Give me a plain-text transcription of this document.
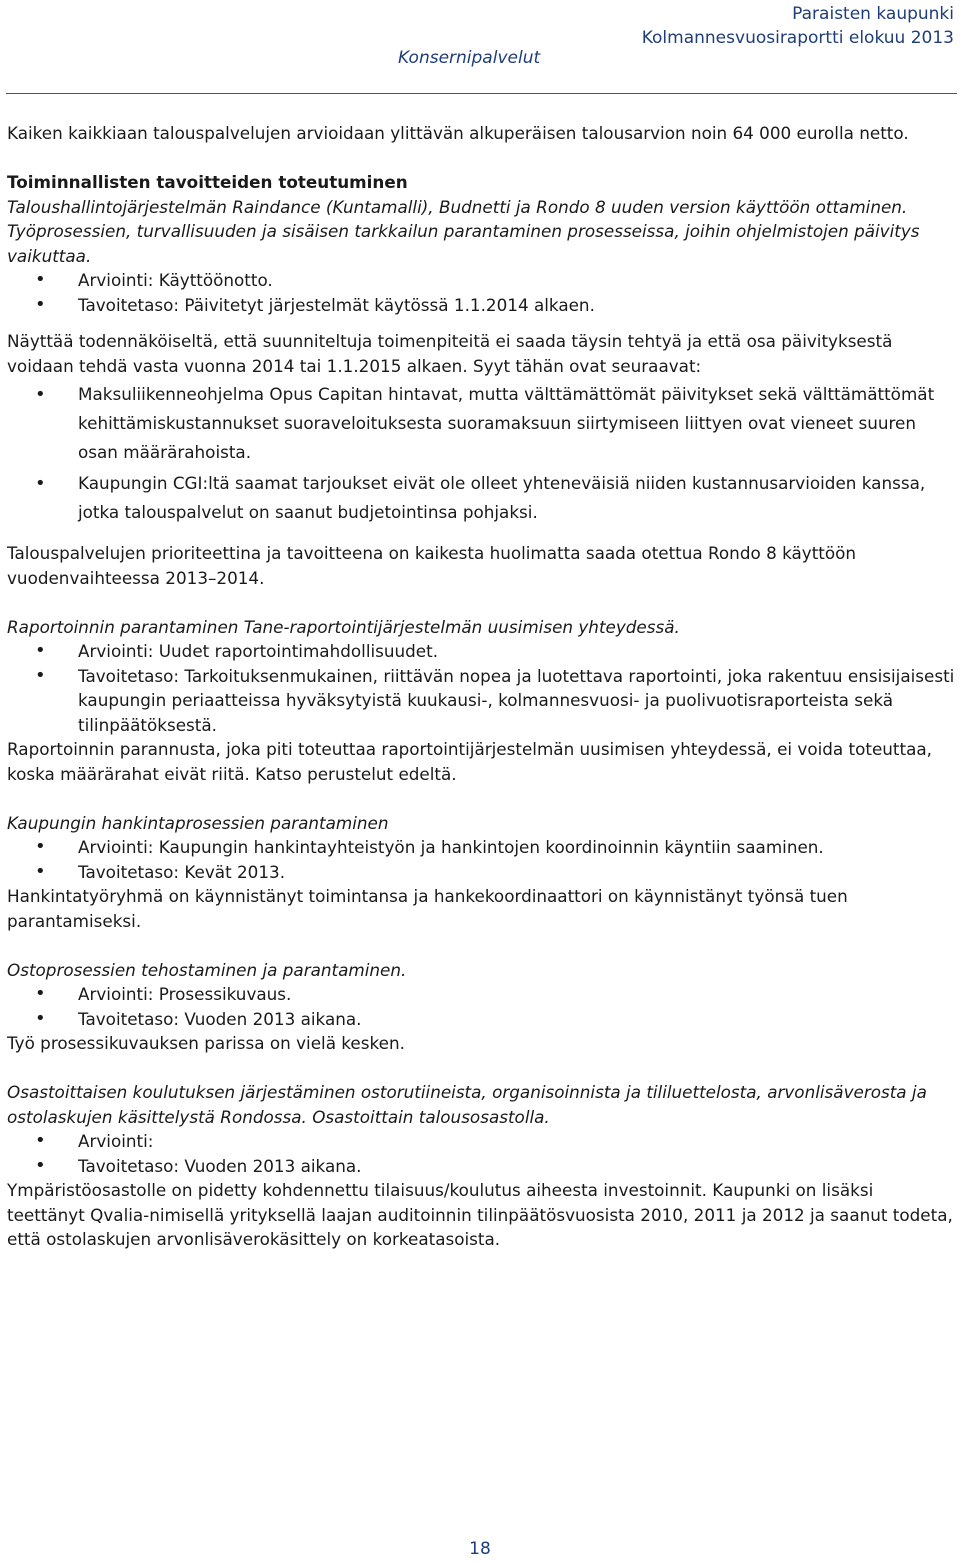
Paraisten kaupunki
Kolmannesvuosiraportti elokuu 2013
Konsernipalvelut

Kaiken kaikkiaan talouspalvelujen arvioidaan ylittävän alkuperäisen talousarvion noin 64 000 eurolla netto.

Toiminnallisten tavoitteiden toteutuminen

Taloushallintojärjestelmän Raindance (Kuntamalli), Budnetti ja Rondo 8 uuden version käyttöön ottaminen. Työprosessien, turvallisuuden ja sisäisen tarkkailun parantaminen prosesseissa, joihin ohjelmistojen päivitys vaikuttaa.

• Arviointi: Käyttöönotto.
• Tavoitetaso: Päivitetyt järjestelmät käytössä 1.1.2014 alkaen.

Näyttää todennäköiseltä, että suunniteltuja toimenpiteitä ei saada täysin tehtyä ja että osa päivityksestä voidaan tehdä vasta vuonna 2014 tai 1.1.2015 alkaen. Syyt tähän ovat seuraavat:

• Maksuliikenneohjelma Opus Capitan hintavat, mutta välttämättömät päivitykset sekä välttämättömät kehittämiskustannukset suoraveloituksesta suoramaksuun siirtymiseen liittyen ovat vieneet suuren osan määrärahoista.
• Kaupungin CGI:ltä saamat tarjoukset eivät ole olleet yhteneväisiä niiden kustannusarvioiden kanssa, jotka talouspalvelut on saanut budjetointinsa pohjaksi.

Talouspalvelujen prioriteettina ja tavoitteena on kaikesta huolimatta saada otettua Rondo 8 käyttöön vuodenvaihteessa 2013–2014.

Raportoinnin parantaminen Tane-raportointijärjestelmän uusimisen yhteydessä.

• Arviointi: Uudet raportointimahdollisuudet.
• Tavoitetaso: Tarkoituksenmukainen, riittävän nopea ja luotettava raportointi, joka rakentuu ensisijaisesti kaupungin periaatteissa hyväksytyistä kuukausi-, kolmannesvuosi- ja puolivuotisraporteista sekä tilinpäätöksestä.

Raportoinnin parannusta, joka piti toteuttaa raportointijärjestelmän uusimisen yhteydessä, ei voida toteuttaa, koska määrärahat eivät riitä. Katso perustelut edeltä.

Kaupungin hankintaprosessien parantaminen

• Arviointi: Kaupungin hankintayhteistyön ja hankintojen koordinoinnin käyntiin saaminen.
• Tavoitetaso: Kevät 2013.

Hankintatyöryhmä on käynnistänyt toimintansa ja hankekoordinaattori on käynnistänyt työnsä tuen parantamiseksi.

Ostoprosessien tehostaminen ja parantaminen.

• Arviointi: Prosessikuvaus.
• Tavoitetaso: Vuoden 2013 aikana.

Työ prosessikuvauksen parissa on vielä kesken.

Osastoittaisen koulutuksen järjestäminen ostorutiineista, organisoinnista ja tililuettelosta, arvonlisäverosta ja ostolaskujen käsittelystä Rondossa. Osastoittain talousosastolla.

• Arviointi:
• Tavoitetaso: Vuoden 2013 aikana.

Ympäristöosastolle on pidetty kohdennettu tilaisuus/koulutus aiheesta investoinnit. Kaupunki on lisäksi teettänyt Qvalia-nimisellä yrityksellä laajan auditoinnin tilinpäätösvuosista 2010, 2011 ja 2012 ja saanut todeta, että ostolaskujen arvonlisäverokäsittely on korkeatasoista.

18
